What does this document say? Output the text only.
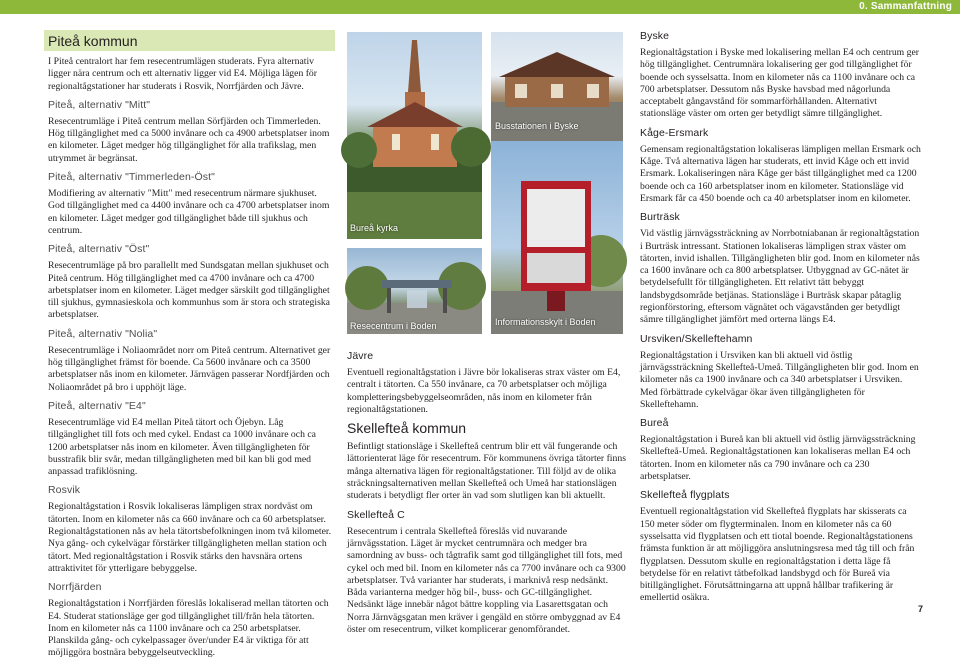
0. Sammanfattning
Piteå kommun

I Piteå centralort har fem resecentrumlägen studerats. Fyra alternativ ligger nära centrum och ett alternativ ligger vid E4. Möjliga lägen för regionaltågstationer har studerats i Rosvik, Norrfjärden och Jävre.

Piteå, alternativ "Mitt"

Resecentrumläge i Piteå centrum mellan Sörfjärden och Timmerleden. Hög tillgänglighet med ca 5000 invånare och ca 4900 arbetsplatser inom en kilometer. Läget medger hög tillgänglighet för alla trafikslag, men utrymmet är begränsat.

Piteå, alternativ "Timmerleden-Öst"

Modifiering av alternativ "Mitt" med resecentrum närmare sjukhuset. God tillgänglighet med ca 4400 invånare och ca 4700 arbetsplatser inom en kilometer. Läget medger god tillgänglighet både till sjukhus och centrum.

Piteå, alternativ "Öst"

Resecentrumläge på bro parallellt med Sundsgatan mellan sjukhuset och Piteå centrum. Hög tillgänglighet med ca 4700 invånare och ca 4700 arbetsplatser inom en kilometer. Läget medger särskilt god tillgänglighet till sjukhus, gymnasieskola och kommunhus som är stora och strategiska arbetsplatser.

Piteå, alternativ "Nolia"

Resecentrumläge i Noliaområdet norr om Piteå centrum. Alternativet ger hög tillgänglighet främst för boende. Ca 5600 invånare och ca 3500 arbetsplatser nås inom en kilometer. Järnvägen passerar Nordfjärden och Noliaområdet på bro i upphöjt läge.

Piteå, alternativ "E4"

Resecentrumläge vid E4 mellan Piteå tätort och Öjebyn. Låg tillgänglighet till fots och med cykel. Endast ca 1000 invånare och ca 1200 arbetsplatser nås inom en kilometer. Även tillgängligheten för busstrafik blir svår, medan tillgängligheten med bil kan bli god med anpassad trafiklösning.

Rosvik

Regionaltågstation i Rosvik lokaliseras lämpligen strax nordväst om tätorten. Inom en kilometer nås ca 660 invånare och ca 60 arbetsplatser. Regionaltågstationen nås av hela tätortsbefolkningen inom två kilometer. Nya gång- och cykelvägar förstärker tillgängligheten mellan station och tätort. Med regionaltågstation i Rosvik stärks den havsnära ortens attraktivitet för ytterligare bebyggelse.

Norrfjärden

Regionaltågstation i Norrfjärden föreslås lokaliserad mellan tätorten och E4. Studerat stationsläge ger god tillgänglighet till/från hela tätorten. Inom en kilometer nås ca 1100 invånare och ca 250 arbetsplatser. Planskilda gång- och cykelpassager över/under E4 är viktiga för att möjliggöra bostnära bebyggelseutveckling.

Bureå kyrka
Resecentrum i Boden
Busstationen i Byske
Informationsskylt i Boden
Jävre

Eventuell regionaltågstation i Jävre bör lokaliseras strax väster om E4, centralt i tätorten. Ca 550 invånare, ca 70 arbetsplatser och möjliga kompletteringsbebyggelseområden, nås inom en kilometer från regionaltågstationen.

Skellefteå kommun

Befintligt stationsläge i Skellefteå centrum blir ett väl fungerande och lättorienterat läge för resecentrum. För kommunens övriga tätorter finns många alternativa lägen för regionaltågstationer. Till följd av de olika sträckningsalternativen mellan Skellefteå och Umeå har stationslägen studerats i betydligt fler orter än vad som slutligen kan bli aktuellt.

Skellefteå C

Resecentrum i centrala Skellefteå föreslås vid nuvarande järnvägsstation. Läget är mycket centrumnära och medger bra samordning av buss- och tågtrafik samt god tillgänglighet till fots, med cykel och med bil. Inom en kilometer nås ca 7700 invånare och ca 9300 arbetsplatser. Två varianter har studerats, i marknivå resp nedsänkt. Båda varianterna medger hög bil-, buss- och GC-tillgänglighet. Nedsänkt läge innebär något bättre koppling via Lasarettsgatan och Norra Järnvägsgatan men kräver i gengäld en större ombyggnad av E4 öster om resecentrum, vilket komplicerar genomförandet.

Byske

Regionaltågstation i Byske med lokalisering mellan E4 och centrum ger hög tillgänglighet. Centrumnära lokalisering ger god tillgänglighet för boende och sysselsatta. Inom en kilometer nås ca 1100 invånare och ca 700 arbetsplatser. Dessutom nås Byske havsbad med någorlunda acceptabelt gångavstånd för sommarförhållanden. Alternativt stationsläge väster om orten ger betydligt sämre tillgänglighet.

Kåge-Ersmark

Gemensam regionaltågstation lokaliseras lämpligen mellan Ersmark och Kåge. Två alternativa lägen har studerats, ett invid Kåge och ett invid Ersmark. Lokaliseringen nära Kåge ger bäst tillgänglighet med ca 1200 boende och ca 160 arbetsplatser inom en kilometer. Stationsläge vid Ersmark får ca 450 boende och ca 40 arbetsplatser inom en kilometer.

Burträsk

Vid västlig järnvägssträckning av Norrbotniabanan är regionaltågstation i Burträsk intressant. Stationen lokaliseras lämpligen strax väster om tätorten, invid ishallen. Tillgängligheten blir god. Inom en kilometer nås ca 1600 invånare och ca 800 arbetsplatser. Utbyggnad av GC-nätet är betydelsefullt för tillgängligheten. Ett relativt tätt bebyggt landsbygdsområde betjänas. Stationsläge i Burträsk skapar påtaglig regionförstoring, eftersom vägnätet och vägavstånden ger betydligt sämre tillgänglighet jämfört med orterna längs E4.

Ursviken/Skelleftehamn

Regionaltågstation i Ursviken kan bli aktuell vid östlig järnvägssträckning Skellefteå-Umeå. Tillgängligheten blir god. Inom en kilometer nås ca 1900 invånare och ca 340 arbetsplatser i Ursviken. Med förbättrade cykelvägar ökar även tillgängligheten för Skelleftehamn.

Bureå

Regionaltågstation i Bureå kan bli aktuell vid östlig järnvägssträckning Skellefteå-Umeå. Regionaltågstationen kan lokaliseras mellan E4 och tätorten. Inom en kilometer nås ca 790 invånare och ca 230 arbetsplatser.

Skellefteå flygplats

Eventuell regionaltågstation vid Skellefteå flygplats har skisserats ca 150 meter söder om flygterminalen. Inom en kilometer nås ca 60 sysselsatta vid flygplatsen och ett tiotal boende. Regionaltågstationens främsta funktion är att möjliggöra anslutningsresa med tåg till och från flygplatsen. Dessutom skulle en regionaltågstation i detta läge få betydelse för en relativt tätbefolkad landsbygd och för Bureå via bitillgänglighet. Förutsättningarna att uppnå hållbar trafikering är emellertid osäkra.

7
